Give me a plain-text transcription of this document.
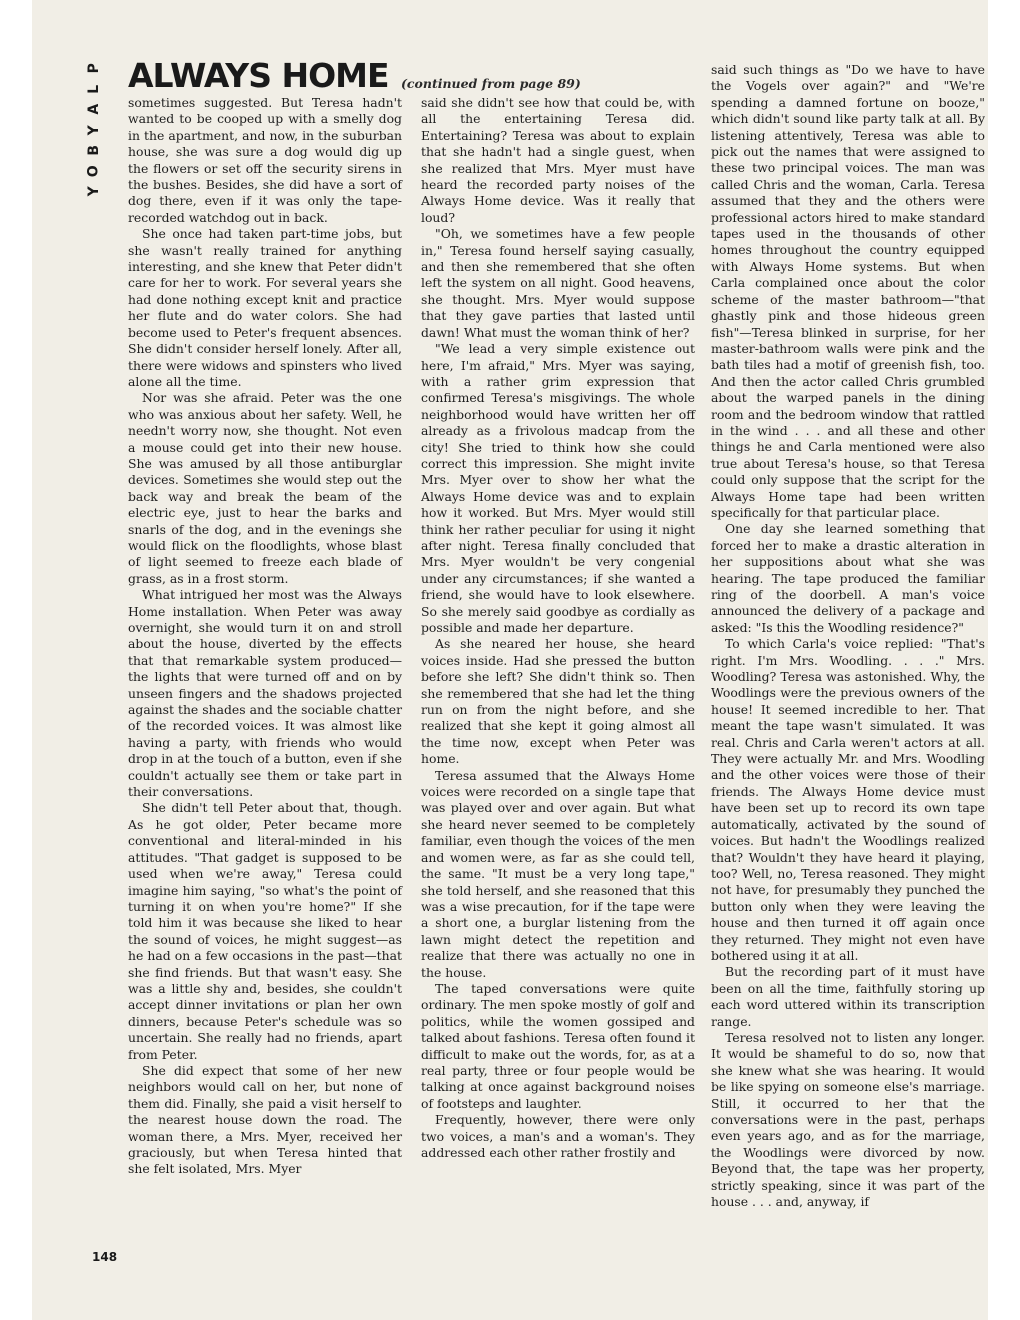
P
L
A
Y
B
O
Y
ALWAYS HOME (continued from page 89)

sometimes suggested. But Teresa hadn't wanted to be cooped up with a smelly dog in the apartment, and now, in the suburban house, she was sure a dog would dig up the flowers or set off the security sirens in the bushes. Besides, she did have a sort of dog there, even if it was only the tape-recorded watchdog out in back.

She once had taken part-time jobs, but she wasn't really trained for anything interesting, and she knew that Peter didn't care for her to work. For several years she had done nothing except knit and practice her flute and do water colors. She had become used to Peter's frequent absences. She didn't consider herself lonely. After all, there were widows and spinsters who lived alone all the time.

Nor was she afraid. Peter was the one who was anxious about her safety. Well, he needn't worry now, she thought. Not even a mouse could get into their new house. She was amused by all those antiburglar devices. Sometimes she would step out the back way and break the beam of the electric eye, just to hear the barks and snarls of the dog, and in the evenings she would flick on the floodlights, whose blast of light seemed to freeze each blade of grass, as in a frost storm.

What intrigued her most was the Always Home installation. When Peter was away overnight, she would turn it on and stroll about the house, diverted by the effects that that remarkable system produced—the lights that were turned off and on by unseen fingers and the shadows projected against the shades and the sociable chatter of the recorded voices. It was almost like having a party, with friends who would drop in at the touch of a button, even if she couldn't actually see them or take part in their conversations.

She didn't tell Peter about that, though. As he got older, Peter became more conventional and literal-minded in his attitudes. "That gadget is supposed to be used when we're away," Teresa could imagine him saying, "so what's the point of turning it on when you're home?" If she told him it was because she liked to hear the sound of voices, he might suggest—as he had on a few occasions in the past—that she find friends. But that wasn't easy. She was a little shy and, besides, she couldn't accept dinner invitations or plan her own dinners, because Peter's schedule was so uncertain. She really had no friends, apart from Peter.

She did expect that some of her new neighbors would call on her, but none of them did. Finally, she paid a visit herself to the nearest house down the road. The woman there, a Mrs. Myer, received her graciously, but when Teresa hinted that she felt isolated, Mrs. Myer

said she didn't see how that could be, with all the entertaining Teresa did. Entertaining? Teresa was about to explain that she hadn't had a single guest, when she realized that Mrs. Myer must have heard the recorded party noises of the Always Home device. Was it really that loud?

"Oh, we sometimes have a few people in," Teresa found herself saying casually, and then she remembered that she often left the system on all night. Good heavens, she thought. Mrs. Myer would suppose that they gave parties that lasted until dawn! What must the woman think of her?

"We lead a very simple existence out here, I'm afraid," Mrs. Myer was saying, with a rather grim expression that confirmed Teresa's misgivings. The whole neighborhood would have written her off already as a frivolous madcap from the city! She tried to think how she could correct this impression. She might invite Mrs. Myer over to show her what the Always Home device was and to explain how it worked. But Mrs. Myer would still think her rather peculiar for using it night after night. Teresa finally concluded that Mrs. Myer wouldn't be very congenial under any circumstances; if she wanted a friend, she would have to look elsewhere. So she merely said goodbye as cordially as possible and made her departure.

As she neared her house, she heard voices inside. Had she pressed the button before she left? She didn't think so. Then she remembered that she had let the thing run on from the night before, and she realized that she kept it going almost all the time now, except when Peter was home.

Teresa assumed that the Always Home voices were recorded on a single tape that was played over and over again. But what she heard never seemed to be completely familiar, even though the voices of the men and women were, as far as she could tell, the same. "It must be a very long tape," she told herself, and she reasoned that this was a wise precaution, for if the tape were a short one, a burglar listening from the lawn might detect the repetition and realize that there was actually no one in the house.

The taped conversations were quite ordinary. The men spoke mostly of golf and politics, while the women gossiped and talked about fashions. Teresa often found it difficult to make out the words, for, as at a real party, three or four people would be talking at once against background noises of footsteps and laughter.

Frequently, however, there were only two voices, a man's and a woman's. They addressed each other rather frostily and

said such things as "Do we have to have the Vogels over again?" and "We're spending a damned fortune on booze," which didn't sound like party talk at all. By listening attentively, Teresa was able to pick out the names that were assigned to these two principal voices. The man was called Chris and the woman, Carla. Teresa assumed that they and the others were professional actors hired to make standard tapes used in the thousands of other homes throughout the country equipped with Always Home systems. But when Carla complained once about the color scheme of the master bathroom—"that ghastly pink and those hideous green fish"—Teresa blinked in surprise, for her master-bathroom walls were pink and the bath tiles had a motif of greenish fish, too. And then the actor called Chris grumbled about the warped panels in the dining room and the bedroom window that rattled in the wind . . . and all these and other things he and Carla mentioned were also true about Teresa's house, so that Teresa could only suppose that the script for the Always Home tape had been written specifically for that particular place.

One day she learned something that forced her to make a drastic alteration in her suppositions about what she was hearing. The tape produced the familiar ring of the doorbell. A man's voice announced the delivery of a package and asked: "Is this the Woodling residence?"

To which Carla's voice replied: "That's right. I'm Mrs. Woodling. . . ." Mrs. Woodling? Teresa was astonished. Why, the Woodlings were the previous owners of the house! It seemed incredible to her. That meant the tape wasn't simulated. It was real. Chris and Carla weren't actors at all. They were actually Mr. and Mrs. Woodling and the other voices were those of their friends. The Always Home device must have been set up to record its own tape automatically, activated by the sound of voices. But hadn't the Woodlings realized that? Wouldn't they have heard it playing, too? Well, no, Teresa reasoned. They might not have, for presumably they punched the button only when they were leaving the house and then turned it off again once they returned. They might not even have bothered using it at all.

But the recording part of it must have been on all the time, faithfully storing up each word uttered within its transcription range.

Teresa resolved not to listen any longer. It would be shameful to do so, now that she knew what she was hearing. It would be like spying on someone else's marriage. Still, it occurred to her that the conversations were in the past, perhaps even years ago, and as for the marriage, the Woodlings were divorced by now. Beyond that, the tape was her property, strictly speaking, since it was part of the house . . . and, anyway, if

148
